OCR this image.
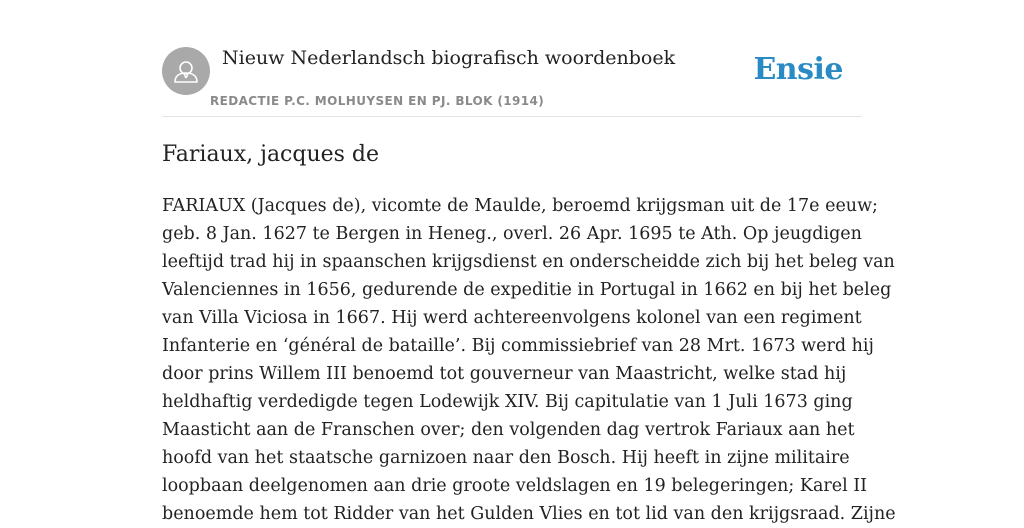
Nieuw Nederlandsch biografisch woordenboek
REDACTIE P.C. MOLHUYSEN EN PJ. BLOK (1914)
Ensie
Fariaux, jacques de

FARIAUX (Jacques de), vicomte de Maulde, beroemd krijgsman uit de 17e eeuw;
geb. 8 Jan. 1627 te Bergen in Heneg., overl. 26 Apr. 1695 te Ath. Op jeugdigen
leeftijd trad hij in spaanschen krijgsdienst en onderscheidde zich bij het beleg van
Valenciennes in 1656, gedurende de expeditie in Portugal in 1662 en bij het beleg
van Villa Viciosa in 1667. Hij werd achtereenvolgens kolonel van een regiment
Infanterie en ‘général de bataille’. Bij commissiebrief van 28 Mrt. 1673 werd hij
door prins Willem III benoemd tot gouverneur van Maastricht, welke stad hij
heldhaftig verdedigde tegen Lodewijk XIV. Bij capitulatie van 1 Juli 1673 ging
Maasticht aan de Franschen over; den volgenden dag vertrok Fariaux aan het
hoofd van het staatsche garnizoen naar den Bosch. Hij heeft in zijne militaire
loopbaan deelgenomen aan drie groote veldslagen en 19 belegeringen; Karel II
benoemde hem tot Ridder van het Gulden Vlies en tot lid van den krijgsraad. Zijne
